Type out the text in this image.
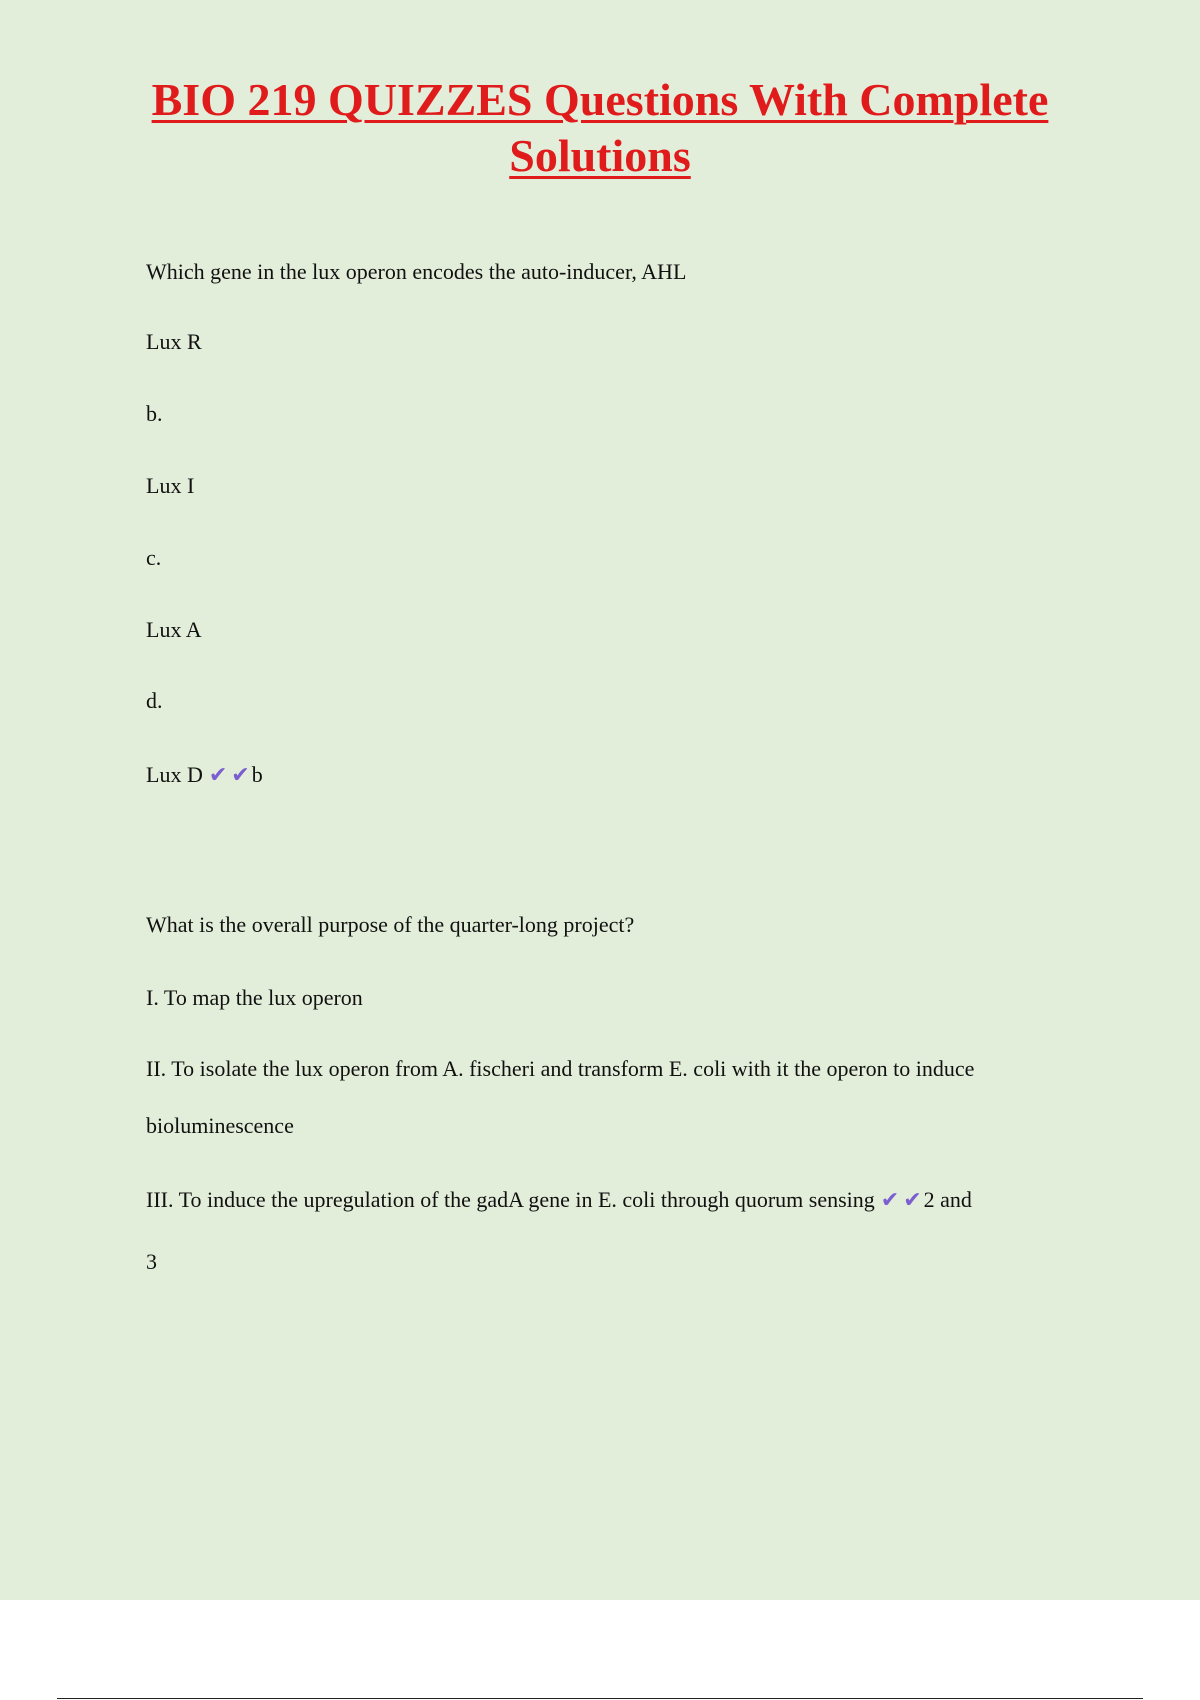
BIO 219 QUIZZES Questions With Complete Solutions

Which gene in the lux operon encodes the auto-inducer, AHL

Lux R

b.

Lux I

c.

Lux A

d.

Lux D ✔ ✔b

What is the overall purpose of the quarter-long project?

I. To map the lux operon

II. To isolate the lux operon from A. fischeri and transform E. coli with it the operon to induce

bioluminescence

III. To induce the upregulation of the gadA gene in E. coli through quorum sensing ✔ ✔2 and

3
